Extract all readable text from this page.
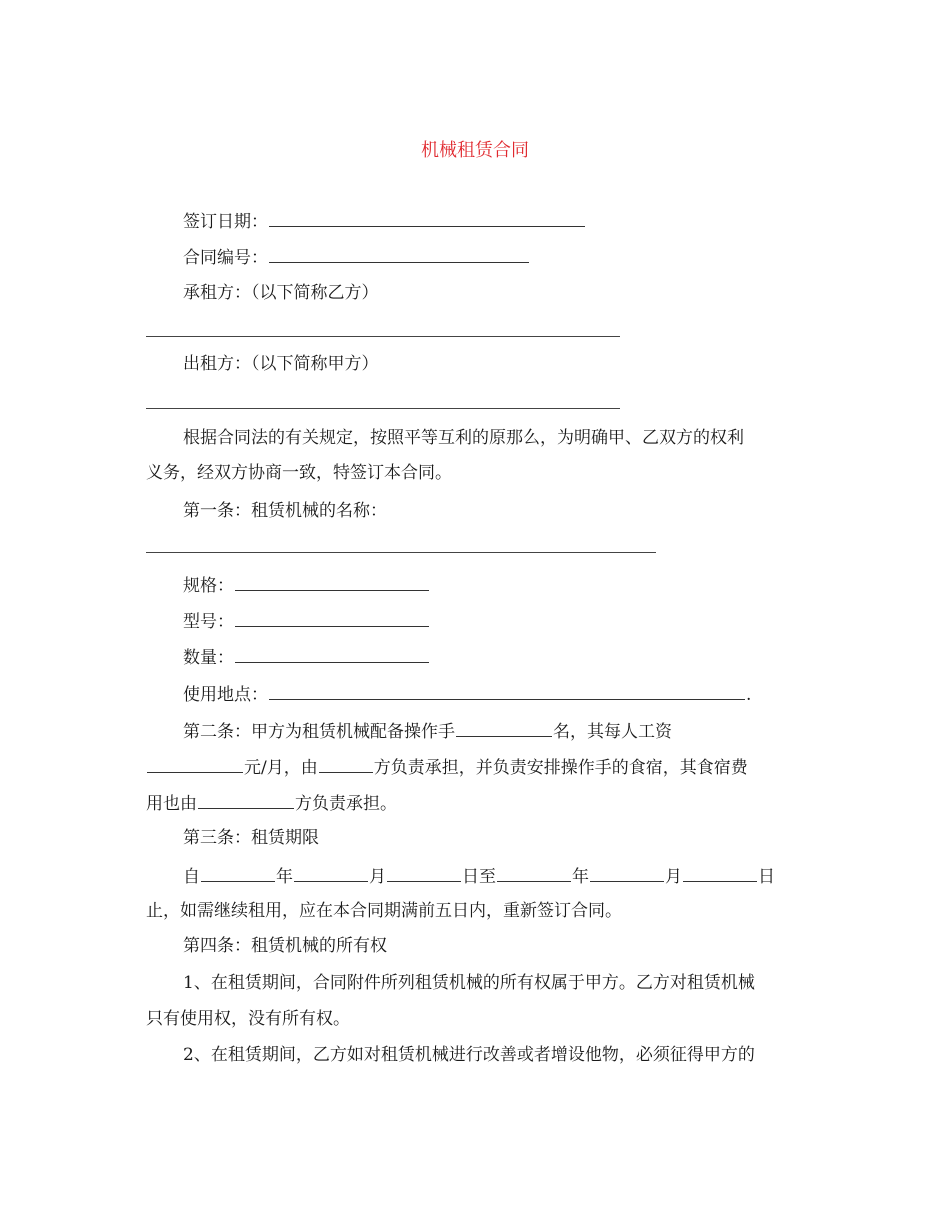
机械租赁合同
签订日期：
合同编号：
承租方：（以下简称乙方）
出租方：（以下简称甲方）
根据合同法的有关规定，按照平等互利的原那么，为明确甲、乙双方的权利
义务，经双方协商一致，特签订本合同。
第一条：租赁机械的名称：
规格：
型号：
数量：
使用地点：	.
第二条：甲方为租赁机械配备操作手	名，其每人工资
元/月，由	方负责承担，并负责安排操作手的食宿，其食宿费
用也由	方负责承担。
第三条：租赁期限
自	年	月	日至	年	月	日
止，如需继续租用，应在本合同期满前五日内，重新签订合同。
第四条：租赁机械的所有权
1、在租赁期间，合同附件所列租赁机械的所有权属于甲方。乙方对租赁机械
只有使用权，没有所有权。
2、在租赁期间，乙方如对租赁机械进行改善或者增设他物，必须征得甲方的
